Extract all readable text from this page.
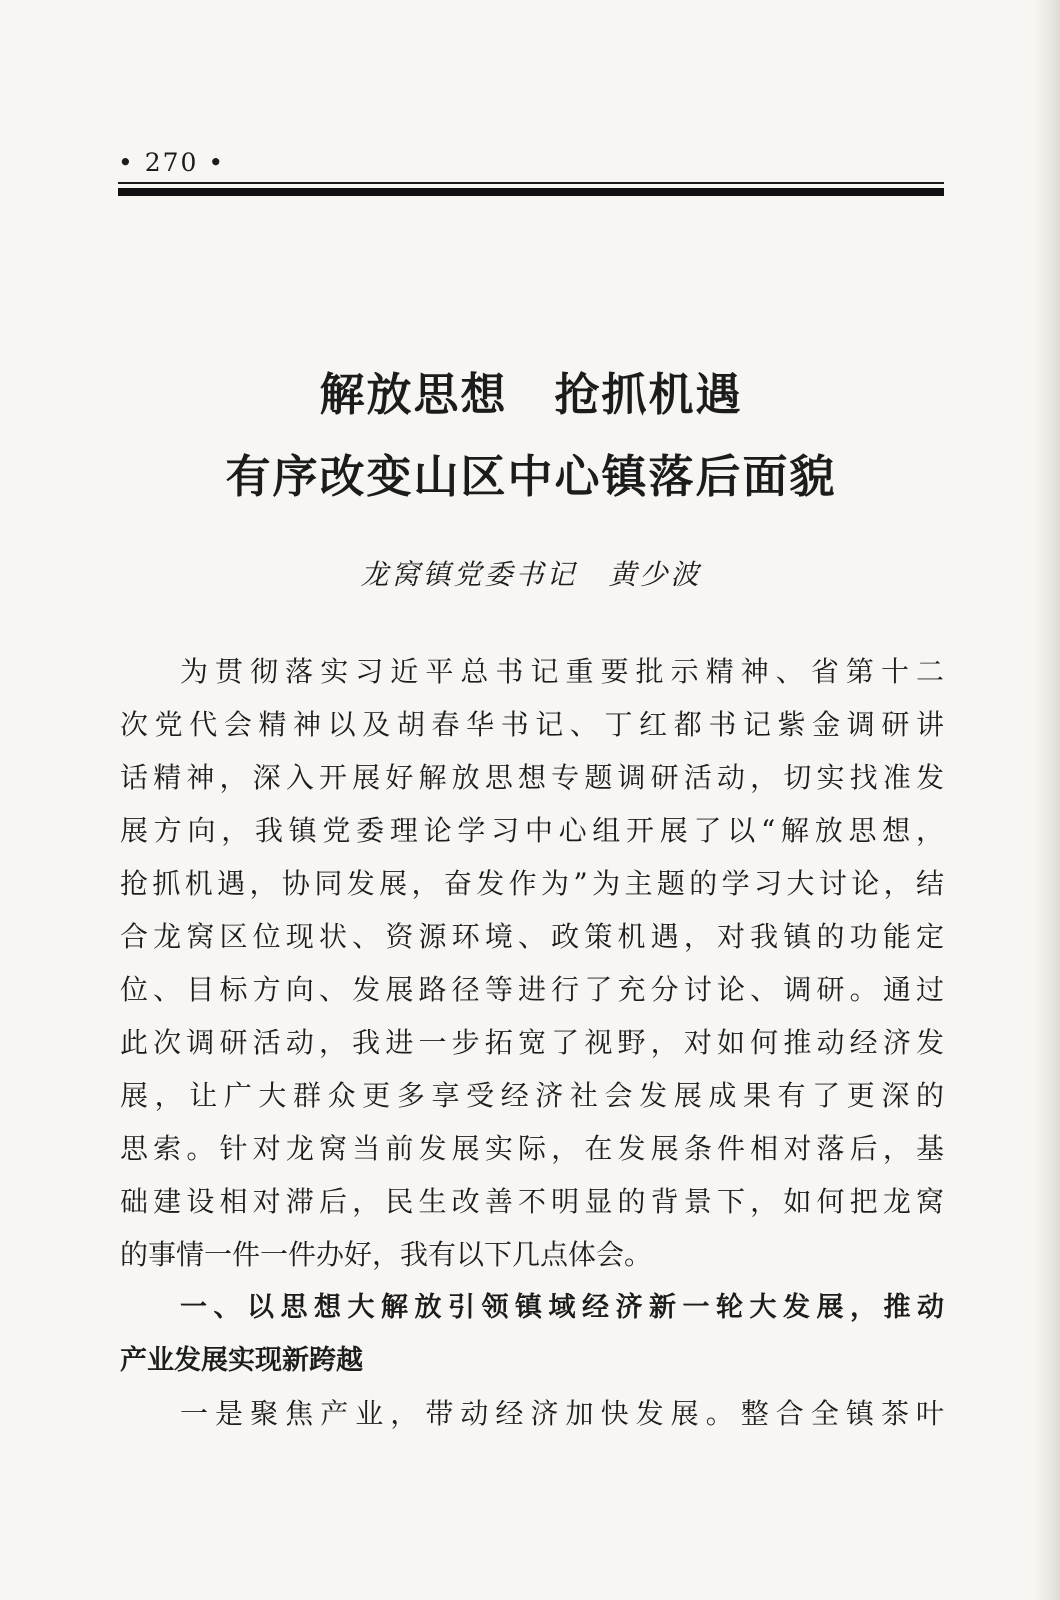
• 270 •
解放思想　抢抓机遇
有序改变山区中心镇落后面貌
龙窝镇党委书记　黄少波
为贯彻落实习近平总书记重要批示精神、省第十二
次党代会精神以及胡春华书记、丁红都书记紫金调研讲
话精神，深入开展好解放思想专题调研活动，切实找准发
展方向，我镇党委理论学习中心组开展了以“解放思想，
抢抓机遇，协同发展，奋发作为”为主题的学习大讨论，结
合龙窝区位现状、资源环境、政策机遇，对我镇的功能定
位、目标方向、发展路径等进行了充分讨论、调研。通过
此次调研活动，我进一步拓宽了视野，对如何推动经济发
展，让广大群众更多享受经济社会发展成果有了更深的
思索。针对龙窝当前发展实际，在发展条件相对落后，基
础建设相对滞后，民生改善不明显的背景下，如何把龙窝
的事情一件一件办好，我有以下几点体会。
一、以思想大解放引领镇域经济新一轮大发展，推动
产业发展实现新跨越
一是聚焦产业，带动经济加快发展。整合全镇茶叶
